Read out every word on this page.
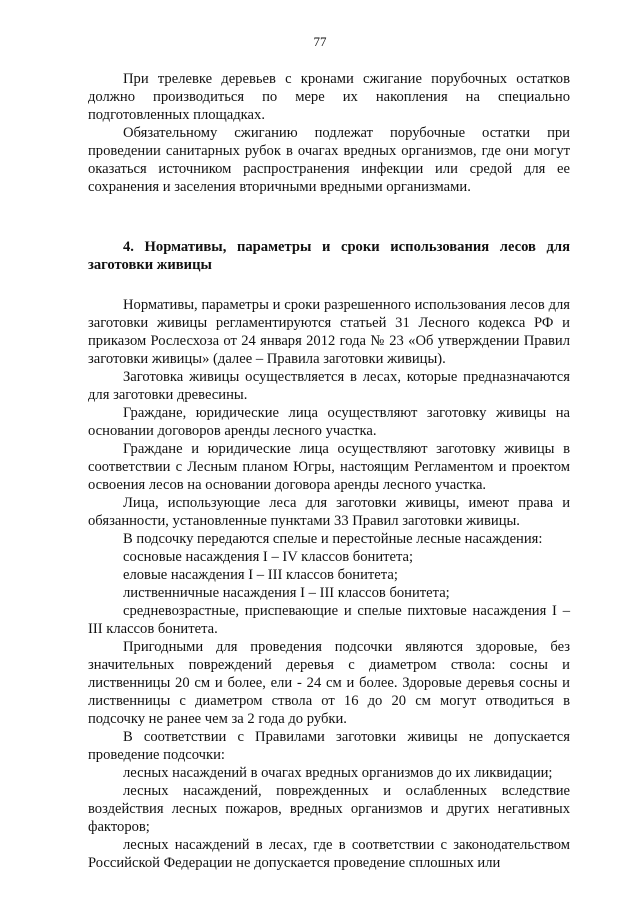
77

При трелевке деревьев с кронами сжигание порубочных остатков должно производиться по мере их накопления на специально подготовленных площадках.

Обязательному сжиганию подлежат порубочные остатки при проведении санитарных рубок в очагах вредных организмов, где они могут оказаться источником распространения инфекции или средой для ее сохранения и заселения вторичными вредными организмами.

4. Нормативы, параметры и сроки использования лесов для заготовки живицы

Нормативы, параметры и сроки разрешенного использования лесов для заготовки живицы регламентируются статьей 31 Лесного кодекса РФ и приказом Рослесхоза от 24 января 2012 года № 23 «Об утверждении Правил заготовки живицы» (далее – Правила заготовки живицы).

Заготовка живицы осуществляется в лесах, которые предназначаются для заготовки древесины.

Граждане, юридические лица осуществляют заготовку живицы на основании договоров аренды лесного участка.

Граждане и юридические лица осуществляют заготовку живицы в соответствии с Лесным планом Югры, настоящим Регламентом и проектом освоения лесов на основании договора аренды лесного участка.

Лица, использующие леса для заготовки живицы, имеют права и обязанности, установленные пунктами 33 Правил заготовки живицы.

В подсочку передаются спелые и перестойные лесные насаждения:

сосновые насаждения I – IV классов бонитета;

еловые насаждения I – III классов бонитета;

лиственничные насаждения I – III классов бонитета;

средневозрастные, приспевающие и спелые пихтовые насаждения I – III классов бонитета.

Пригодными для проведения подсочки являются здоровые, без значительных повреждений деревья с диаметром ствола: сосны и лиственницы 20 см и более, ели - 24 см и более. Здоровые деревья сосны и лиственницы с диаметром ствола от 16 до 20 см могут отводиться в подсочку не ранее чем за 2 года до рубки.

В соответствии с Правилами заготовки живицы не допускается проведение подсочки:

лесных насаждений в очагах вредных организмов до их ликвидации;

лесных насаждений, поврежденных и ослабленных вследствие воздействия лесных пожаров, вредных организмов и других негативных факторов;

лесных насаждений в лесах, где в соответствии с законодательством Российской Федерации не допускается проведение сплошных или
